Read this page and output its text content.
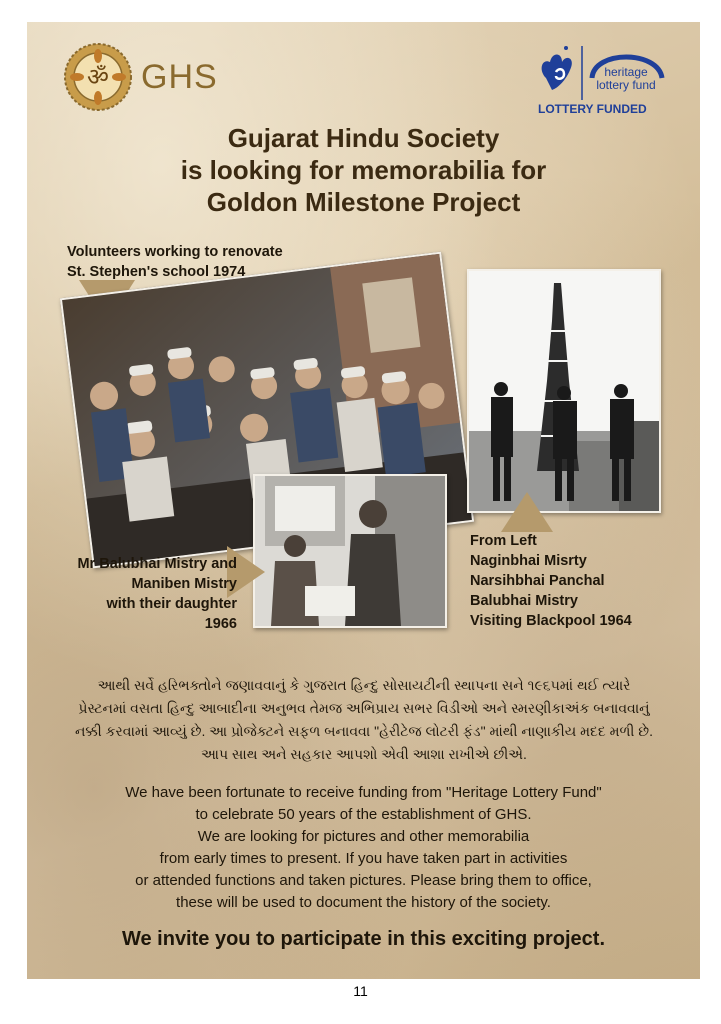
ॐ GHS	heritage
lottery fund
LOTTERY FUNDED
Gujarat Hindu Society
is looking for memorabilia for
Goldon Milestone Project
Volunteers working to renovate
St. Stephen's school 1974
From Left
Naginbhai Misrty
Narsihbhai Panchal
Balubhai Mistry
Visiting Blackpool 1964
Mr Balubhai Mistry and
Maniben Mistry
with their daughter
1966
આથી સર્વે હરિભક્તોને જણાવવાનું કે ગુજરાત હિન્દુ સોસાયટીની સ્થાપના સને ૧૯૬૫માં થઈ ત્યારે પ્રેસ્ટનમાં વસતા હિન્દુ આબાદીના અનુભવ તેમજ અભિપ્રાય સભર વિડીઓ અને સ્મરણીકાઅંક બનાવવાનું નક્કી કરવામાં આવ્યું છે. આ પ્રોજેક્ટને સફળ બનાવવા "હેરીટેજ લોટરી ફંડ" માંથી નાણાકીય મદદ મળી છે. આપ સાથ અને સહકાર આપશો એવી આશા રાખીએ છીએ.
We have been fortunate to receive funding from "Heritage Lottery Fund"
to celebrate 50 years of the establishment of GHS.
We are looking for pictures and other memorabilia
from early times to present. If you have taken part in activities
or attended functions and taken pictures. Please bring them to office,
these will be used to document the history of the society.
We invite you to participate in this exciting project.
11
